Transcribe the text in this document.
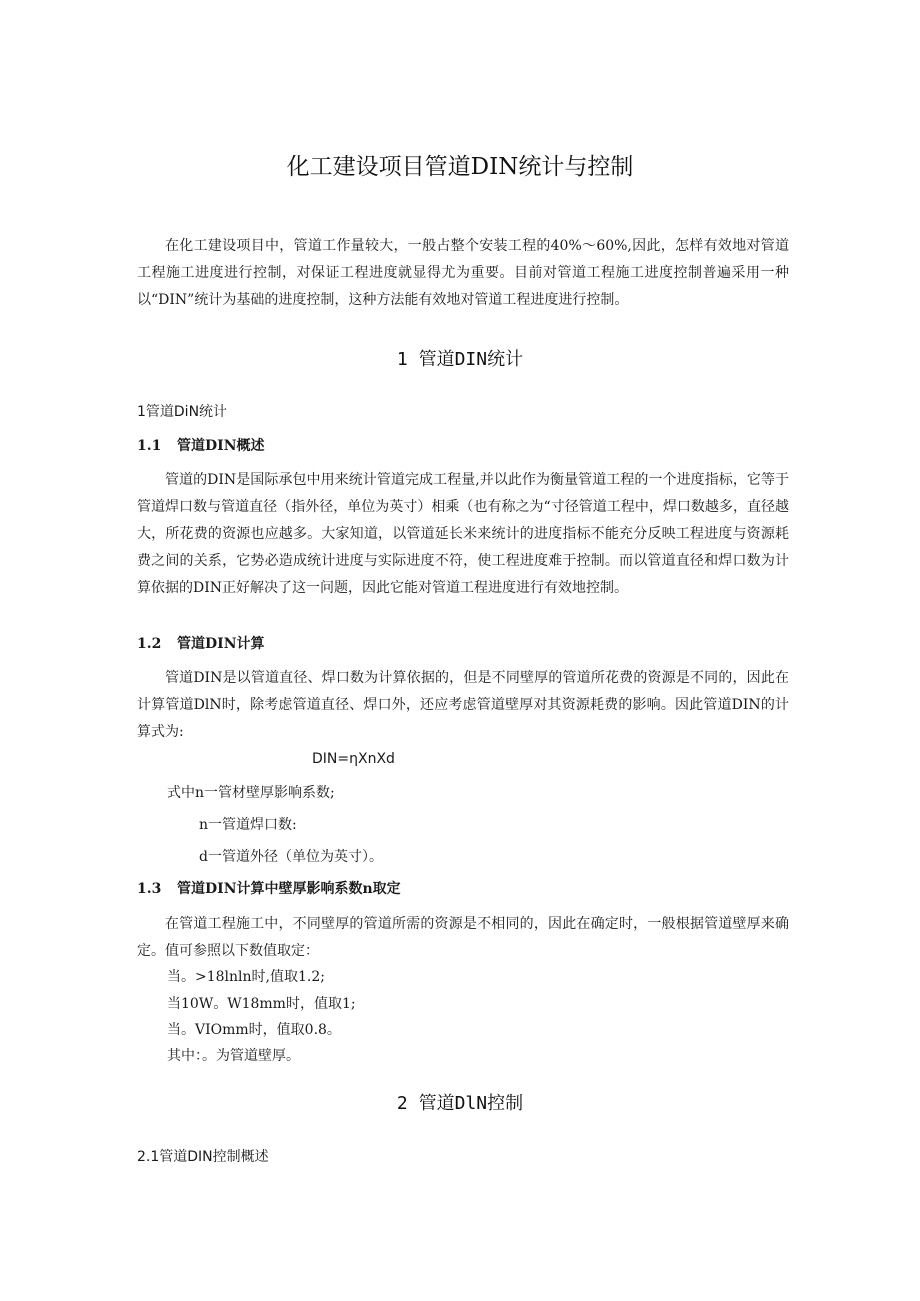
化工建设项目管道DIN统计与控制

在化工建设项目中，管道工作量较大，一般占整个安装工程的40%～60%,因此，怎样有效地对管道工程施工进度进行控制，对保证工程进度就显得尤为重要。目前对管道工程施工进度控制普遍采用一种以“DIN”统计为基础的进度控制，这种方法能有效地对管道工程进度进行控制。

1 管道DIN统计
1管道DiN统计
1.1 管道DIN概述

管道的DIN是国际承包中用来统计管道完成工程量,并以此作为衡量管道工程的一个进度指标，它等于管道焊口数与管道直径（指外径，单位为英寸）相乘（也有称之为“寸径管道工程中，焊口数越多，直径越大，所花费的资源也应越多。大家知道，以管道延长米来统计的进度指标不能充分反映工程进度与资源耗费之间的关系，它势必造成统计进度与实际进度不符，使工程进度难于控制。而以管道直径和焊口数为计算依据的DIN正好解决了这一问题，因此它能对管道工程进度进行有效地控制。

1.2 管道DIN计算

管道DIN是以管道直径、焊口数为计算依据的，但是不同壁厚的管道所花费的资源是不同的，因此在计算管道DlN时，除考虑管道直径、焊口外，还应考虑管道壁厚对其资源耗费的影响。因此管道DIN的计算式为:

DIN=ηXnXd
式中n一管材壁厚影响系数;
n一管道焊口数:
d一管道外径（单位为英寸）。
1.3 管道DIN计算中壁厚影响系数n取定

在管道工程施工中，不同壁厚的管道所需的资源是不相同的，因此在确定时，一般根据管道壁厚来确定。值可参照以下数值取定：

当。>18lnln时,值取1.2;
当10W。W18mm时，值取1;
当。VIOmm时，值取0.8。
其中：。为管道壁厚。
2 管道DlN控制
2.1管道DIN控制概述
